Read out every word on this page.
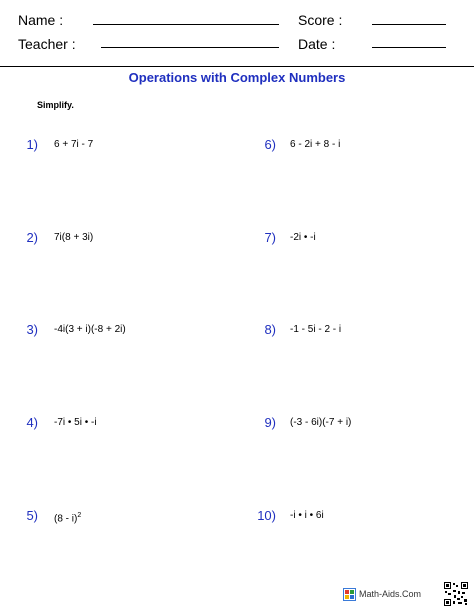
Name :	Score :
Teacher :	Date :
Operations with Complex Numbers
Simplify.
1) 6 + 7i - 7
2) 7i(8 + 3i)
3) -4i(3 + i)(-8 + 2i)
4) -7i • 5i • -i
5) (8 - i)$^2$
6) 6 - 2i + 8 - i
7) -2i • -i
8) -1 - 5i - 2 - i
9) (-3 - 6i)(-7 + i)
10) -i • i • 6i
Math-Aids.Com
